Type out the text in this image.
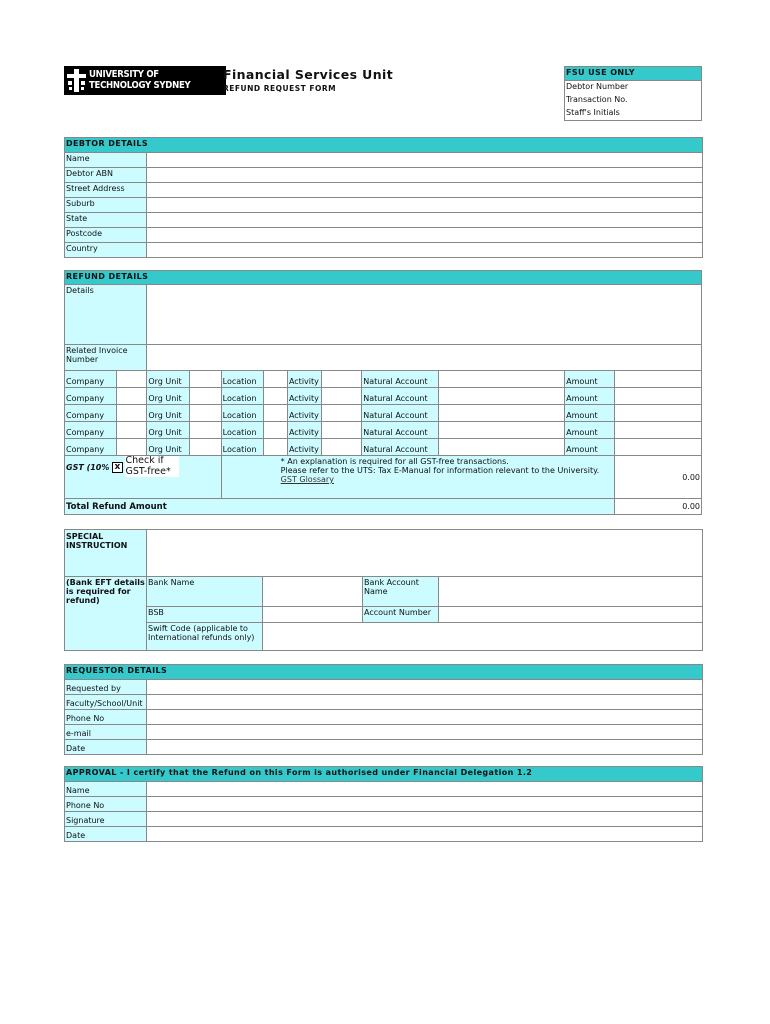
UNIVERSITY OF
TECHNOLOGY SYDNEY
Financial Services Unit
REFUND REQUEST FORM
FSU USE ONLY
Debtor Number
Transaction No.
Staff's Initials
DEBTOR DETAILS	
Name	
Debtor ABN	
Street Address	
Suburb	
State	
Postcode	
Country	
REFUND DETAILS											
Details											
Related Invoice Number											
Company		Org Unit		Location		Activity		Natural Account		Amount	
Company		Org Unit		Location		Activity		Natural Account		Amount	
Company		Org Unit		Location		Activity		Natural Account		Amount	
Company		Org Unit		Location		Activity		Natural Account		Amount	
Company		Org Unit		Location		Activity		Natural Account		Amount	
GST (10% x Check if GST-free*				* An explanation is required for all GST-free transactions.
Please refer to the UTS: Tax E-Manual for information relevant to the University.
GST Glossary							0.00
Total Refund Amount											0.00
SPECIAL INSTRUCTION				
(Bank EFT details is required for refund)	Bank Name		Bank Account Name	
	BSB		Account Number	
	Swift Code (applicable to International refunds only)			
REQUESTOR DETAILS	
Requested by	
Faculty/School/Unit	
Phone No	
e-mail	
Date	
APPROVAL - I certify that the Refund on this Form is authorised under Financial Delegation 1.2	
Name	
Phone No	
Signature	
Date	
